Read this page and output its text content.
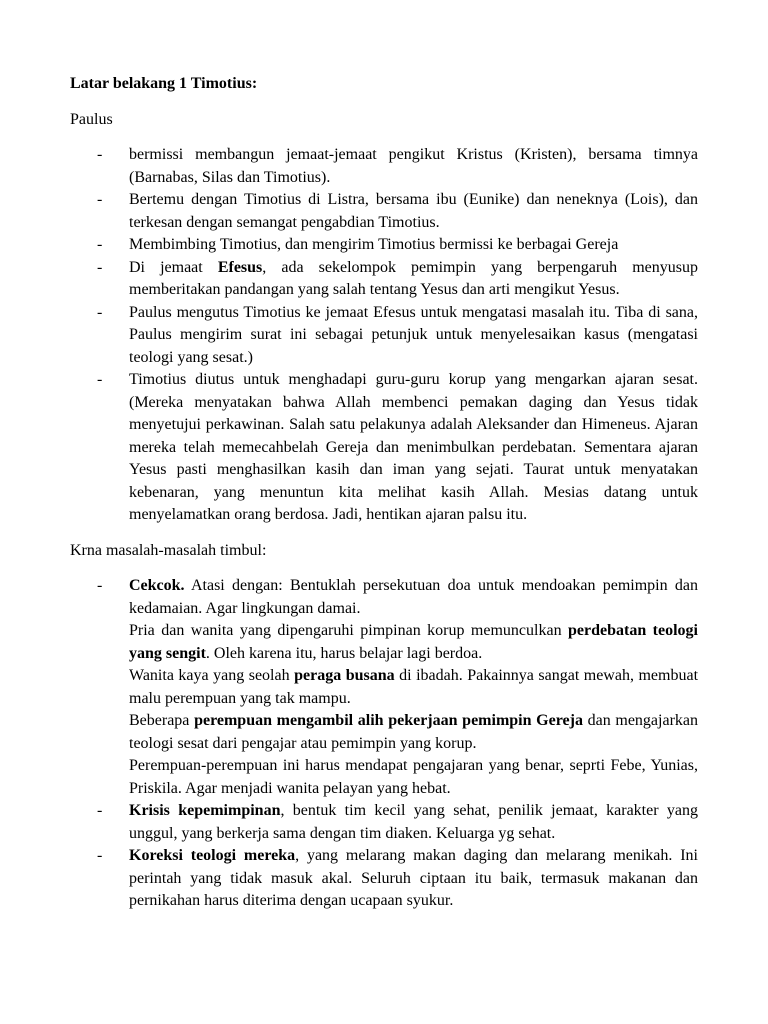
Latar belakang 1 Timotius:

Paulus

- bermissi membangun jemaat-jemaat pengikut Kristus (Kristen), bersama timnya (Barnabas, Silas dan Timotius).

- Bertemu dengan Timotius di Listra, bersama ibu (Eunike) dan neneknya (Lois), dan terkesan dengan semangat pengabdian Timotius.

- Membimbing Timotius, dan mengirim Timotius bermissi ke berbagai Gereja

- Di jemaat Efesus, ada sekelompok pemimpin yang berpengaruh menyusup memberitakan pandangan yang salah tentang Yesus dan arti mengikut Yesus.

- Paulus mengutus Timotius ke jemaat Efesus untuk mengatasi masalah itu. Tiba di sana, Paulus mengirim surat ini sebagai petunjuk untuk menyelesaikan kasus (mengatasi teologi yang sesat.)

- Timotius diutus untuk menghadapi guru-guru korup yang mengarkan ajaran sesat. (Mereka menyatakan bahwa Allah membenci pemakan daging dan Yesus tidak menyetujui perkawinan. Salah satu pelakunya adalah Aleksander dan Himeneus. Ajaran mereka telah memecahbelah Gereja dan menimbulkan perdebatan. Sementara ajaran Yesus pasti menghasilkan kasih dan iman yang sejati. Taurat untuk menyatakan kebenaran, yang menuntun kita melihat kasih Allah. Mesias datang untuk menyelamatkan orang berdosa. Jadi, hentikan ajaran palsu itu.

Krna masalah-masalah timbul:

- Cekcok. Atasi dengan: Bentuklah persekutuan doa untuk mendoakan pemimpin dan kedamaian. Agar lingkungan damai.

Pria dan wanita yang dipengaruhi pimpinan korup memunculkan perdebatan teologi yang sengit. Oleh karena itu, harus belajar lagi berdoa.

Wanita kaya yang seolah peraga busana di ibadah. Pakainnya sangat mewah, membuat malu perempuan yang tak mampu.

Beberapa perempuan mengambil alih pekerjaan pemimpin Gereja dan mengajarkan teologi sesat dari pengajar atau pemimpin yang korup.

Perempuan-perempuan ini harus mendapat pengajaran yang benar, seprti Febe, Yunias, Priskila. Agar menjadi wanita pelayan yang hebat.

- Krisis kepemimpinan, bentuk tim kecil yang sehat, penilik jemaat, karakter yang unggul, yang berkerja sama dengan tim diaken. Keluarga yg sehat.

- Koreksi teologi mereka, yang melarang makan daging dan melarang menikah. Ini perintah yang tidak masuk akal. Seluruh ciptaan itu baik, termasuk makanan dan pernikahan harus diterima dengan ucapaan syukur.
